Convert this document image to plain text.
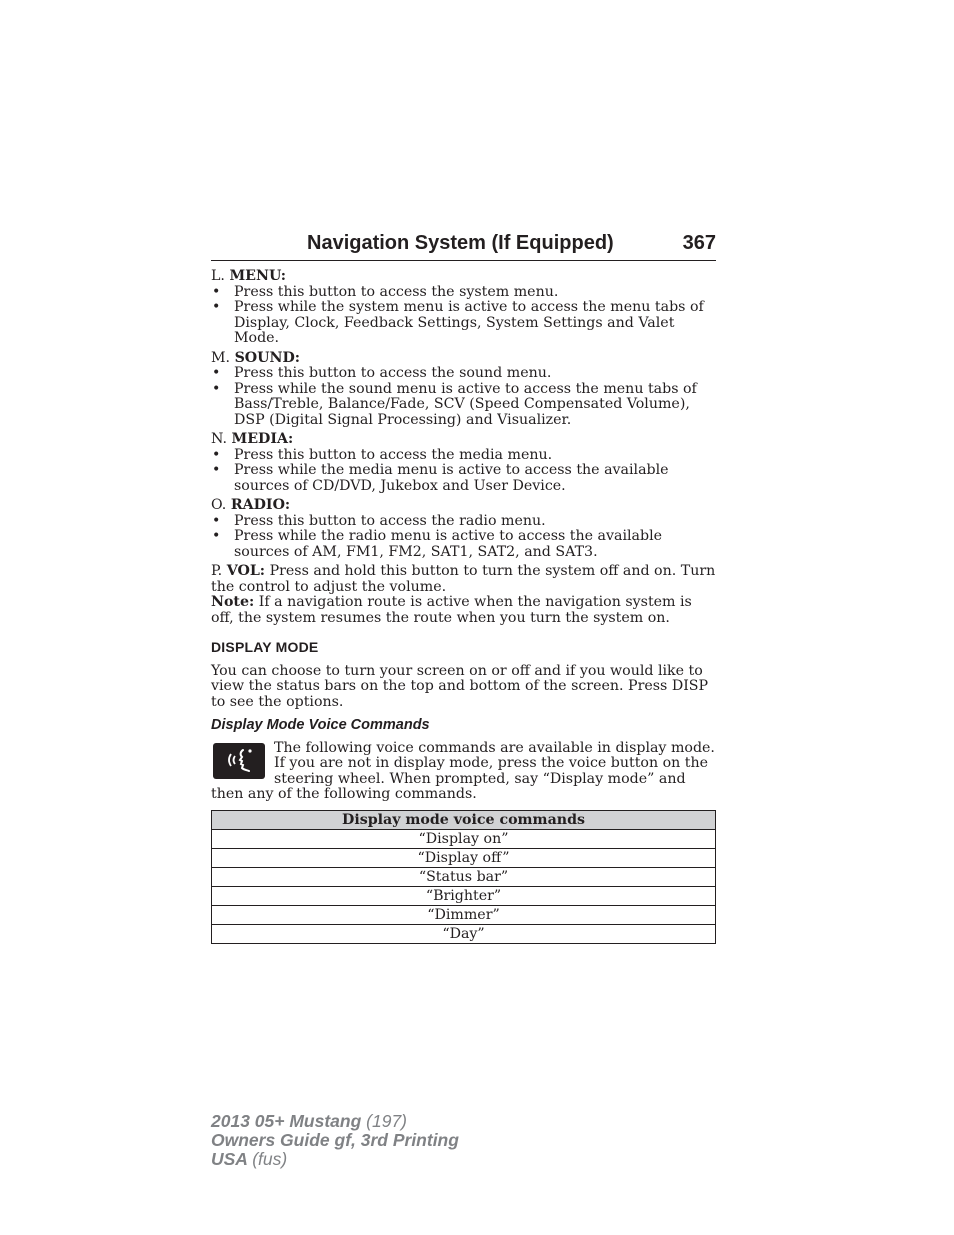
Navigation System (If Equipped)	367

L. MENU:

• Press this button to access the system menu.
• Press while the system menu is active to access the menu tabs of Display, Clock, Feedback Settings, System Settings and Valet Mode.

M. SOUND:

• Press this button to access the sound menu.
• Press while the sound menu is active to access the menu tabs of Bass/Treble, Balance/Fade, SCV (Speed Compensated Volume), DSP (Digital Signal Processing) and Visualizer.

N. MEDIA:

• Press this button to access the media menu.
• Press while the media menu is active to access the available sources of CD/DVD, Jukebox and User Device.

O. RADIO:

• Press this button to access the radio menu.
• Press while the radio menu is active to access the available sources of AM, FM1, FM2, SAT1, SAT2, and SAT3.

P. VOL: Press and hold this button to turn the system off and on. Turn the control to adjust the volume.

Note: If a navigation route is active when the navigation system is off, the system resumes the route when you turn the system on.

DISPLAY MODE

You can choose to turn your screen on or off and if you would like to view the status bars on the top and bottom of the screen. Press DISP to see the options.

Display Mode Voice Commands

The following voice commands are available in display mode. If you are not in display mode, press the voice button on the steering wheel. When prompted, say “Display mode” and then any of the following commands.

Display mode voice commands
“Display on”
“Display off”
“Status bar”
“Brighter”
“Dimmer”
“Day”
2013 05+ Mustang (197)
Owners Guide gf, 3rd Printing
USA (fus)
